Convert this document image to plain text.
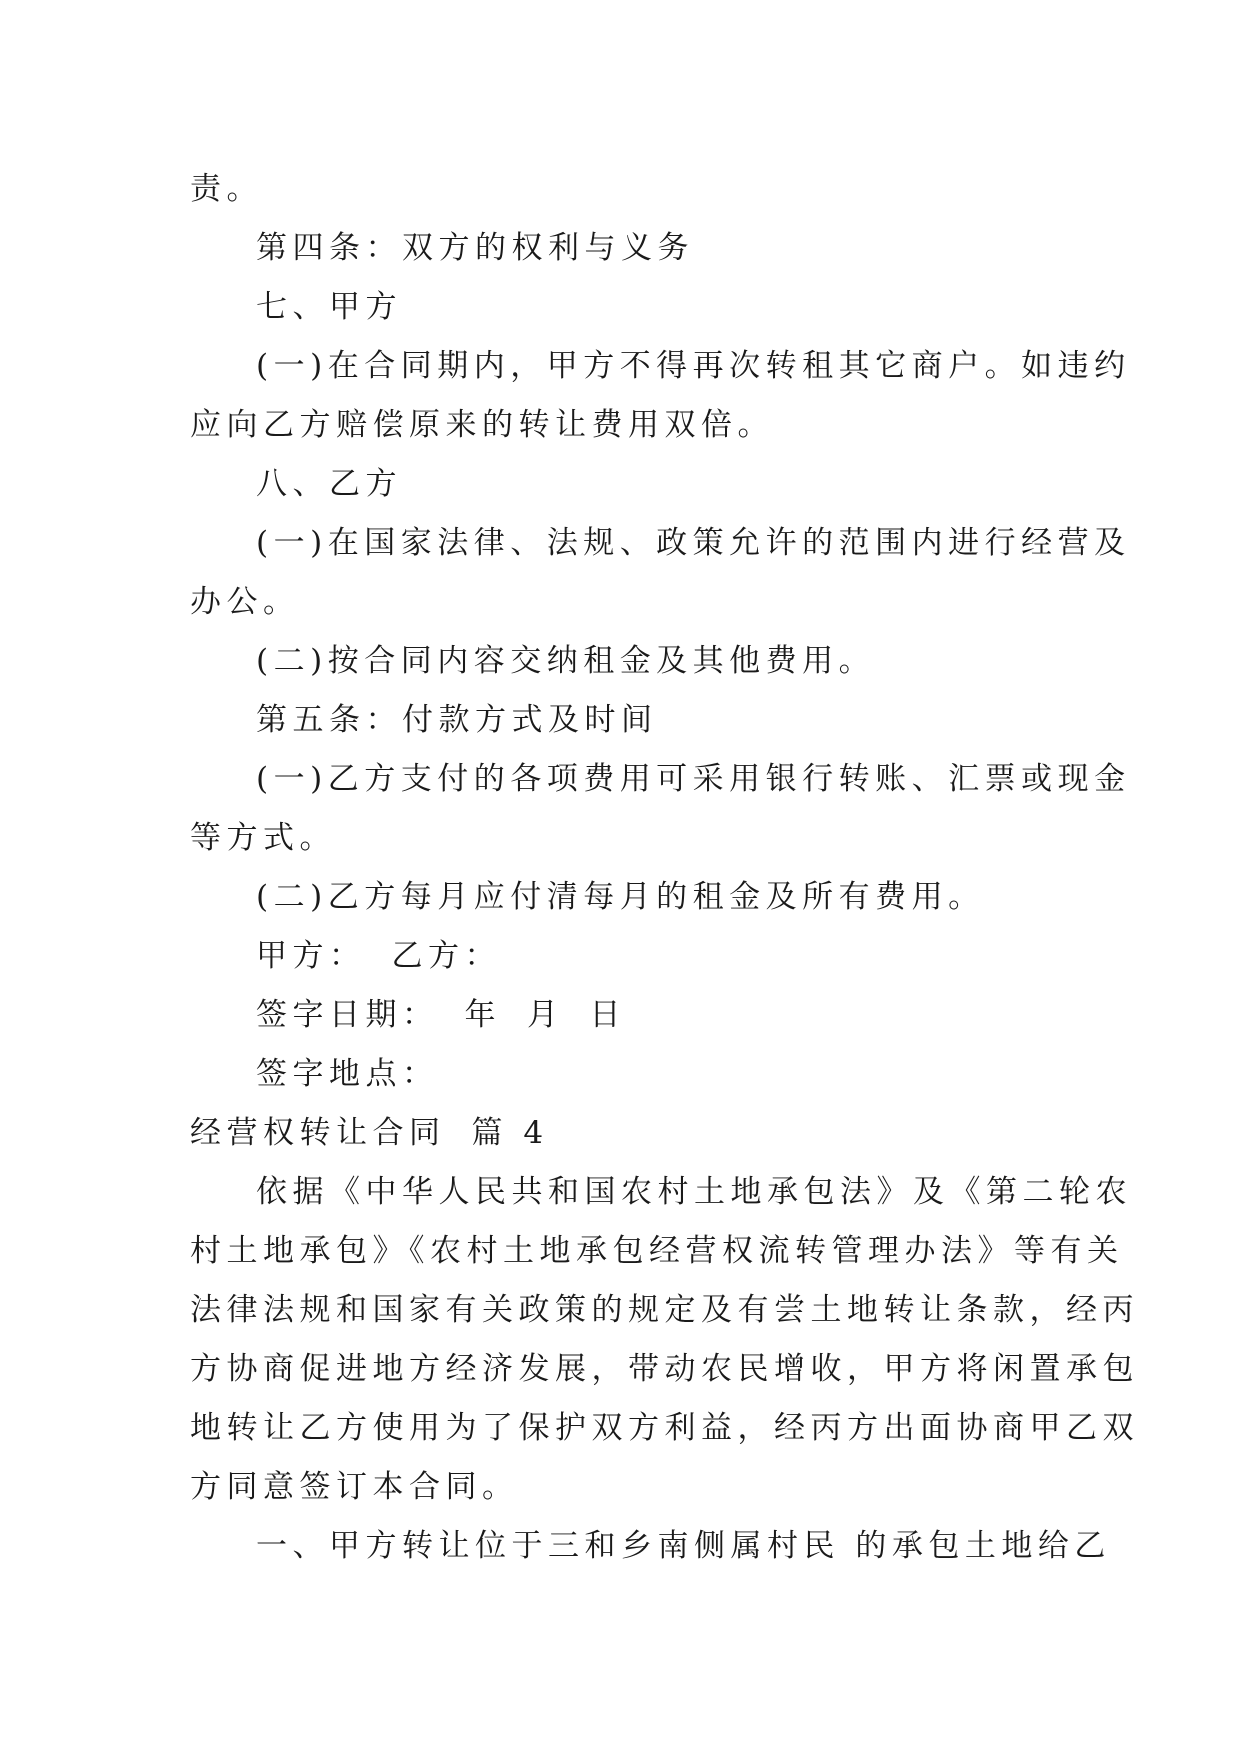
责。

第四条：双方的权利与义务

七、甲方

(一)在合同期内，甲方不得再次转租其它商户。如违约

应向乙方赔偿原来的转让费用双倍。

八、乙方

(一)在国家法律、法规、政策允许的范围内进行经营及

办公。

(二)按合同内容交纳租金及其他费用。

第五条：付款方式及时间

(一)乙方支付的各项费用可采用银行转账、汇票或现金

等方式。

(二)乙方每月应付清每月的租金及所有费用。

甲方： 乙方：

签字日期： 年 月 日

签字地点：

经营权转让合同 篇 4

依据《中华人民共和国农村土地承包法》及《第二轮农

村土地承包》《农村土地承包经营权流转管理办法》等有关

法律法规和国家有关政策的规定及有尝土地转让条款，经丙

方协商促进地方经济发展，带动农民增收，甲方将闲置承包

地转让乙方使用为了保护双方利益，经丙方出面协商甲乙双

方同意签订本合同。

一、甲方转让位于三和乡南侧属村民 的承包土地给乙
